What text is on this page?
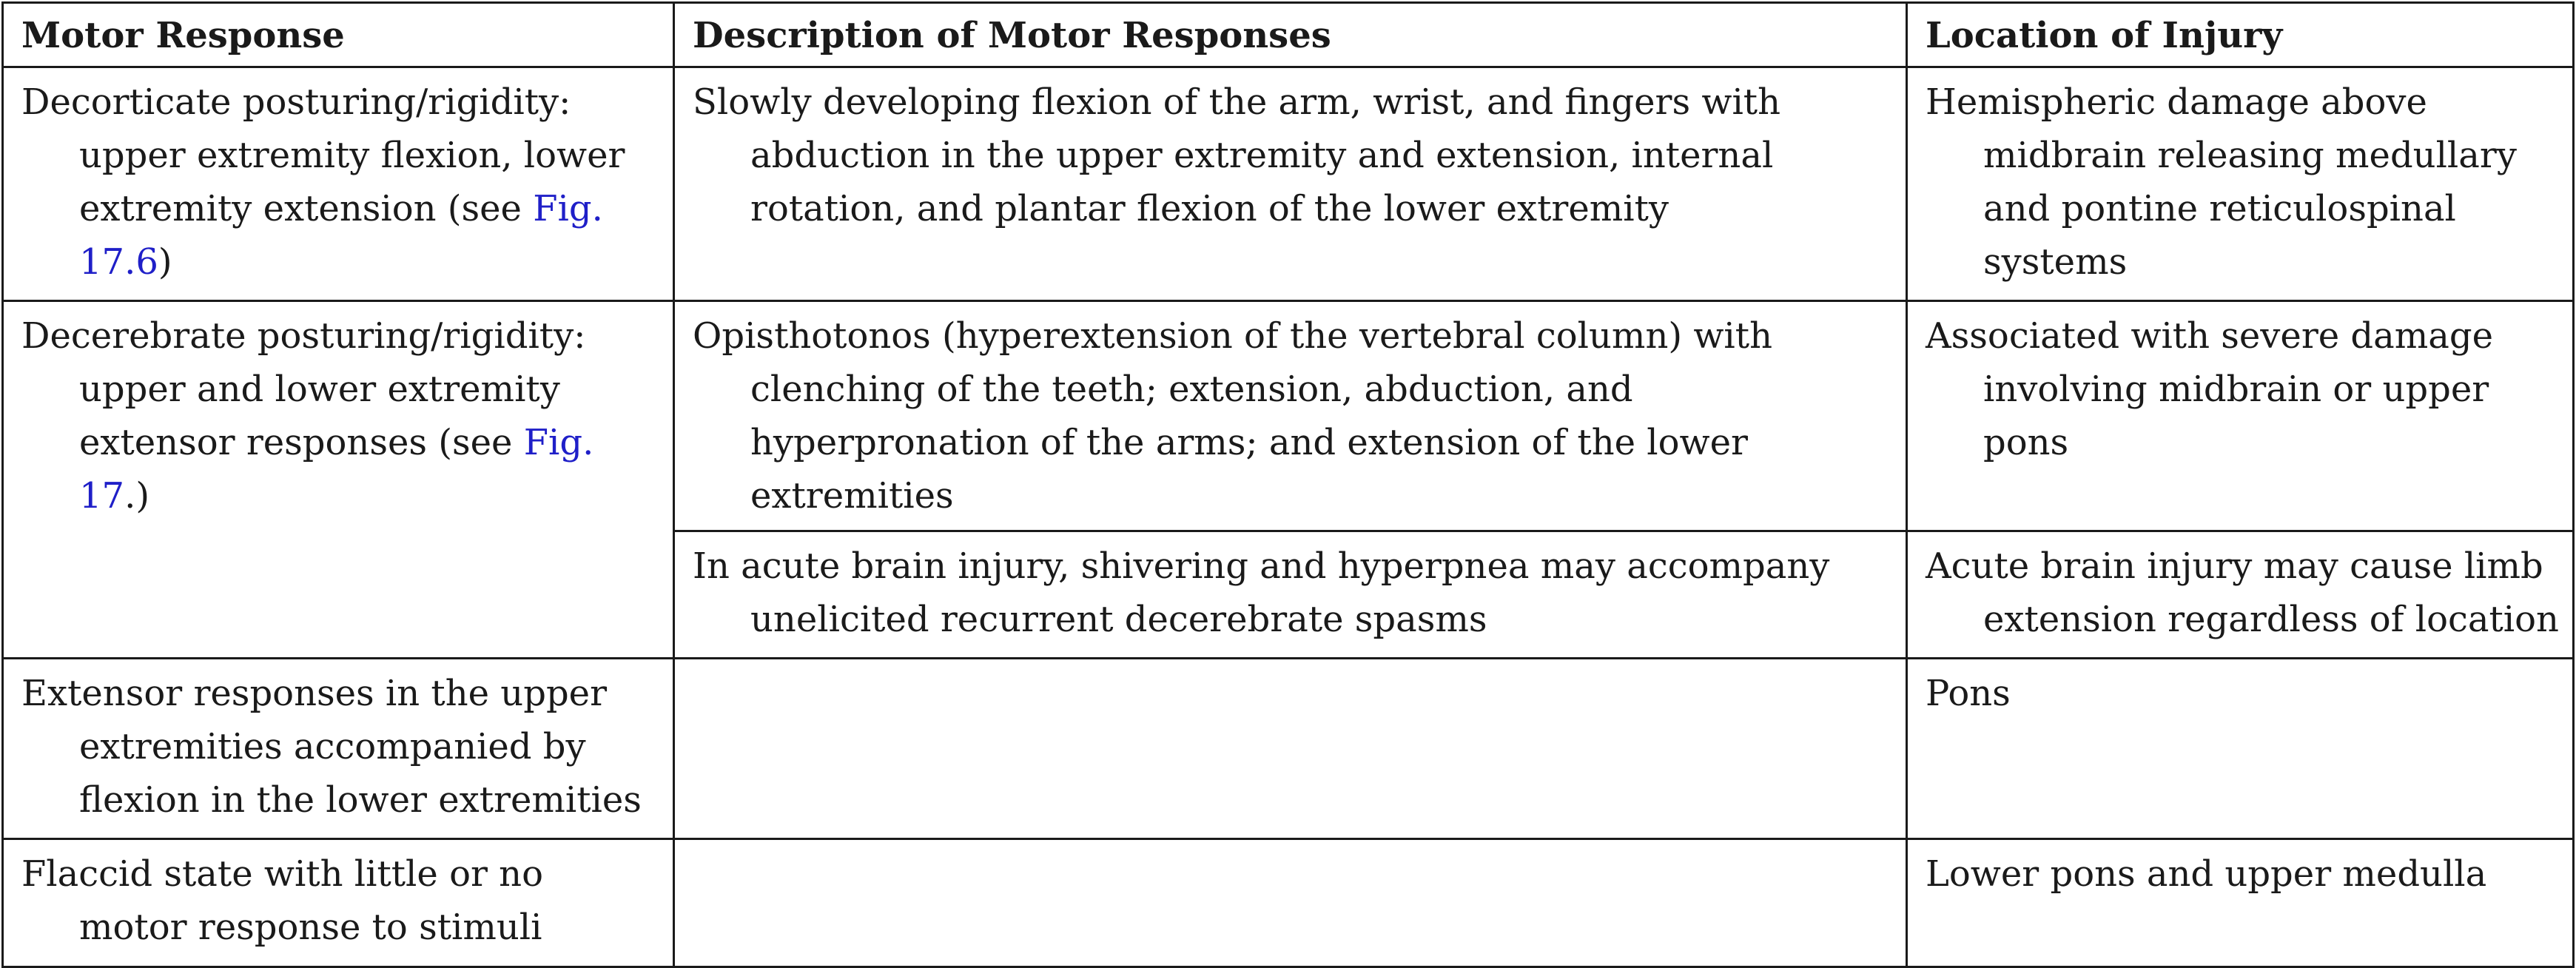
Motor Response	Description of Motor Responses	Location of Injury

Decorticate posturing/rigidity: upper extremity flexion, lower extremity extension (see Fig. 17.6)	Slowly developing flexion of the arm, wrist, and fingers with abduction in the upper extremity and extension, internal rotation, and plantar flexion of the lower extremity	Hemispheric damage above midbrain releasing medullary and pontine reticulospinal systems

Decerebrate posturing/rigidity: upper and lower extremity extensor responses (see Fig. 17.)	Opisthotonos (hyperextension of the vertebral column) with clenching of the teeth; extension, abduction, and hyperpronation of the arms; and extension of the lower extremities	Associated with severe damage involving midbrain or upper pons

	In acute brain injury, shivering and hyperpnea may accompany unelicited recurrent decerebrate spasms	Acute brain injury may cause limb extension regardless of location

Extensor responses in the upper extremities accompanied by flexion in the lower extremities		Pons

Flaccid state with little or no motor response to stimuli		Lower pons and upper medulla
